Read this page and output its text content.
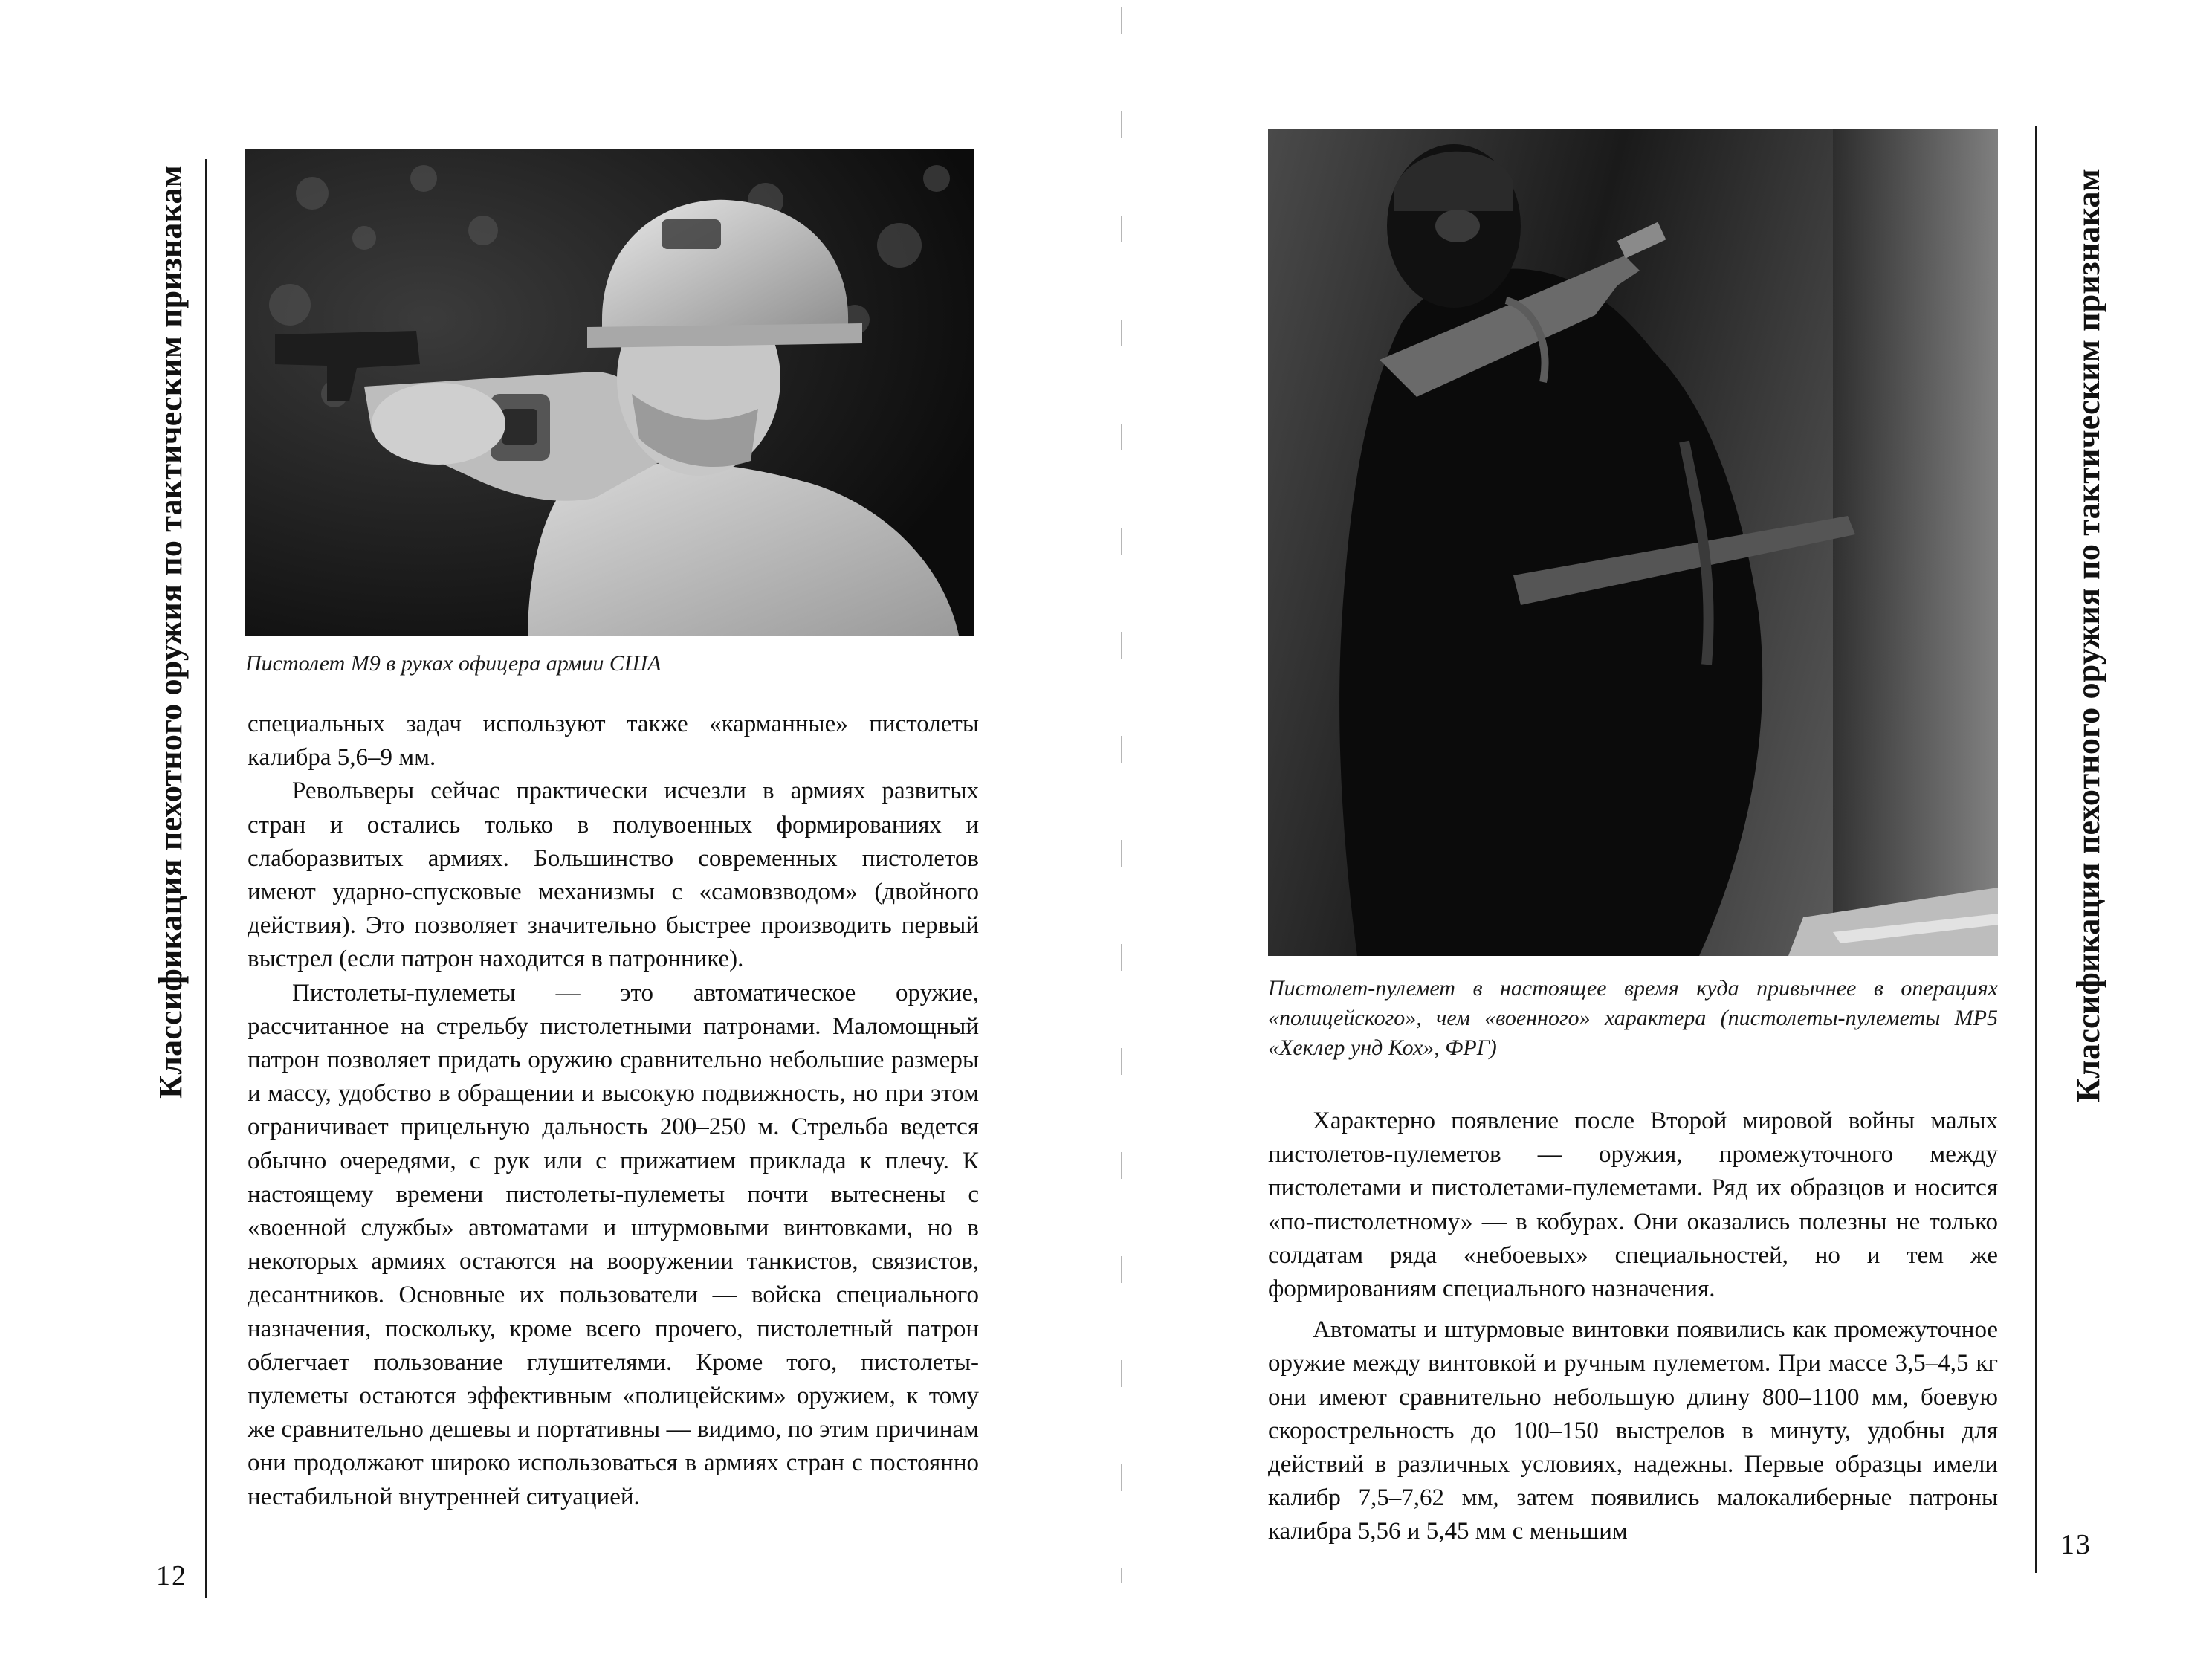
Классификация пехотного оружия по тактическим признакам
12
Пистолет М9 в руках офицера армии США

специальных задач используют также «карманные» пистолеты калибра 5,6–9 мм.

Револьверы сейчас практически исчезли в армиях развитых стран и остались только в полувоенных формированиях и слаборазвитых армиях. Большинство современных пистолетов имеют ударно-спусковые механизмы с «самовзводом» (двойного действия). Это позволяет значительно быстрее производить первый выстрел (если патрон находится в патроннике).

Пистолеты-пулеметы — это автоматическое оружие, рассчитанное на стрельбу пистолетными патронами. Маломощный патрон позволяет придать оружию сравнительно небольшие размеры и массу, удобство в обращении и высокую подвижность, но при этом ограничивает прицельную дальность 200–250 м. Стрельба ведется обычно очередями, с рук или с прижатием приклада к плечу. К настоящему времени пистолеты-пулеметы почти вытеснены с «военной службы» автоматами и штурмовыми винтовками, но в некоторых армиях остаются на вооружении танкистов, связистов, десантников. Основные их пользователи — войска специального назначения, поскольку, кроме всего прочего, пистолетный патрон облегчает пользование глушителями. Кроме того, пистолеты-пулеметы остаются эффективным «полицейским» оружием, к тому же сравнительно дешевы и портативны — видимо, по этим причинам они продолжают широко использоваться в армиях стран с постоянно нестабильной внутренней ситуацией.

Классификация пехотного оружия по тактическим признакам
13
Пистолет-пулемет в настоящее время куда привычнее в операциях «полицейского», чем «военного» характера (пистолеты-пулеметы МР5 «Хеклер унд Кох», ФРГ)

Характерно появление после Второй мировой войны малых пистолетов-пулеметов — оружия, промежуточного между пистолетами и пистолетами-пулеметами. Ряд их образцов и носится «по-пистолетному» — в кобурах. Они оказались полезны не только солдатам ряда «небоевых» специальностей, но и тем же формированиям специального назначения.

Автоматы и штурмовые винтовки появились как промежуточное оружие между винтовкой и ручным пулеметом. При массе 3,5–4,5 кг они имеют сравнительно небольшую длину 800–1100 мм, боевую скорострельность до 100–150 выстрелов в минуту, удобны для действий в различных условиях, надежны. Первые образцы имели калибр 7,5–7,62 мм, затем появились малокалиберные патроны калибра 5,56 и 5,45 мм с меньшим
